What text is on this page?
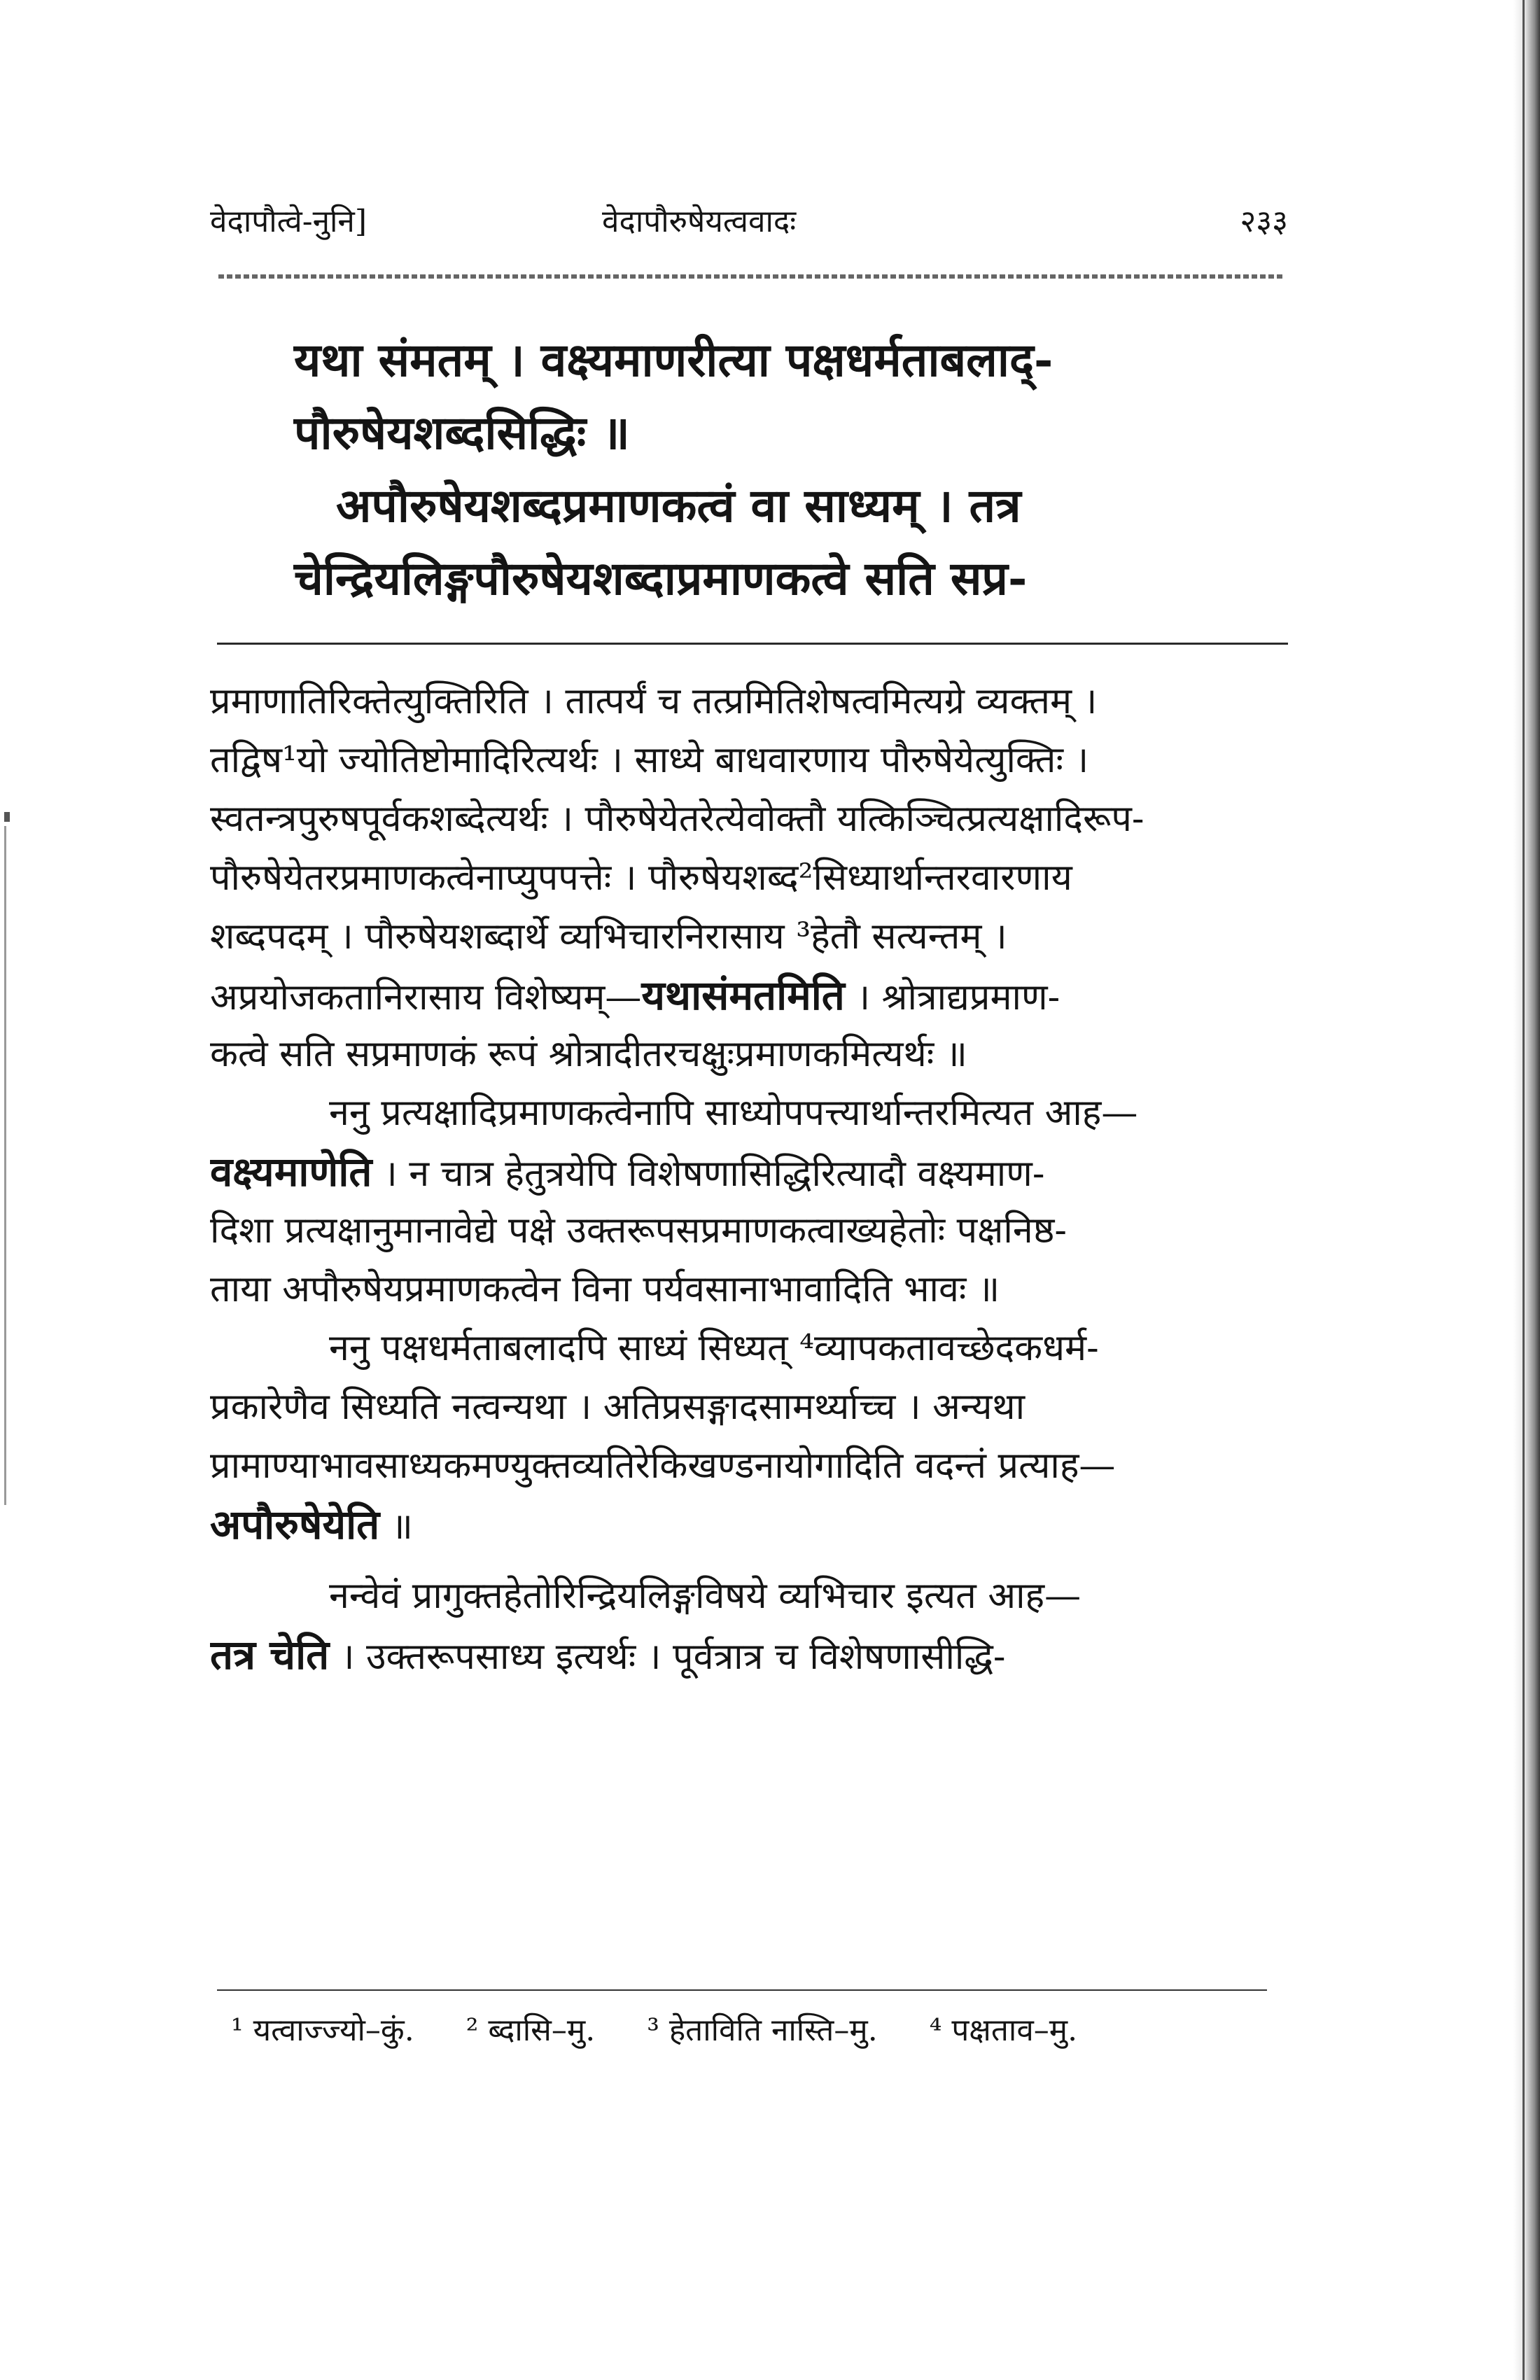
वेदापौत्वे-नुनि]	वेदापौरुषेयत्ववादः	२३३
यथा संमतम् । वक्ष्यमाणरीत्या पक्षधर्मताबलाद्-
पौरुषेयशब्दसिद्धिः ॥
अपौरुषेयशब्दप्रमाणकत्वं वा साध्यम् । तत्र
चेन्द्रियलिङ्गपौरुषेयशब्दाप्रमाणकत्वे सति सप्र-
प्रमाणातिरिक्तेत्युक्तिरिति । तात्पर्यं च तत्प्रमितिशेषत्वमित्यग्रे व्यक्तम् ।
तद्विष¹यो ज्योतिष्टोमादिरित्यर्थः । साध्ये बाधवारणाय पौरुषेयेत्युक्तिः ।
स्वतन्त्रपुरुषपूर्वकशब्देत्यर्थः । पौरुषेयेतरेत्येवोक्तौ यत्किञ्चित्प्रत्यक्षादिरूप-
पौरुषेयेतरप्रमाणकत्वेनाप्युपपत्तेः । पौरुषेयशब्द²सिध्यार्थान्तरवारणाय
शब्दपदम् । पौरुषेयशब्दार्थे व्यभिचारनिरासाय ³हेतौ सत्यन्तम् ।
अप्रयोजकतानिरासाय विशेष्यम्—यथासंमतमिति । श्रोत्राद्यप्रमाण-
कत्वे सति सप्रमाणकं रूपं श्रोत्रादीतरचक्षुःप्रमाणकमित्यर्थः ॥
ननु प्रत्यक्षादिप्रमाणकत्वेनापि साध्योपपत्त्यार्थान्तरमित्यत आह—
वक्ष्यमाणेति । न चात्र हेतुत्रयेपि विशेषणासिद्धिरित्यादौ वक्ष्यमाण-
दिशा प्रत्यक्षानुमानावेद्ये पक्षे उक्तरूपसप्रमाणकत्वाख्यहेतोः पक्षनिष्ठ-
ताया अपौरुषेयप्रमाणकत्वेन विना पर्यवसानाभावादिति भावः ॥
ननु पक्षधर्मताबलादपि साध्यं सिध्यत् ⁴व्यापकतावच्छेदकधर्म-
प्रकारेणैव सिध्यति नत्वन्यथा । अतिप्रसङ्गादसामर्थ्याच्च । अन्यथा
प्रामाण्याभावसाध्यकमण्युक्तव्यतिरेकिखण्डनायोगादिति वदन्तं प्रत्याह—
अपौरुषेयेति ॥
नन्वेवं प्रागुक्तहेतोरिन्द्रियलिङ्गविषये व्यभिचार इत्यत आह—
तत्र चेति । उक्तरूपसाध्य इत्यर्थः । पूर्वत्रात्र च विशेषणासीद्धि-
¹ यत्वाज्ज्यो–कुं. ² ब्दासि–मु. ³ हेताविति नास्ति–मु. ⁴ पक्षताव–मु.
